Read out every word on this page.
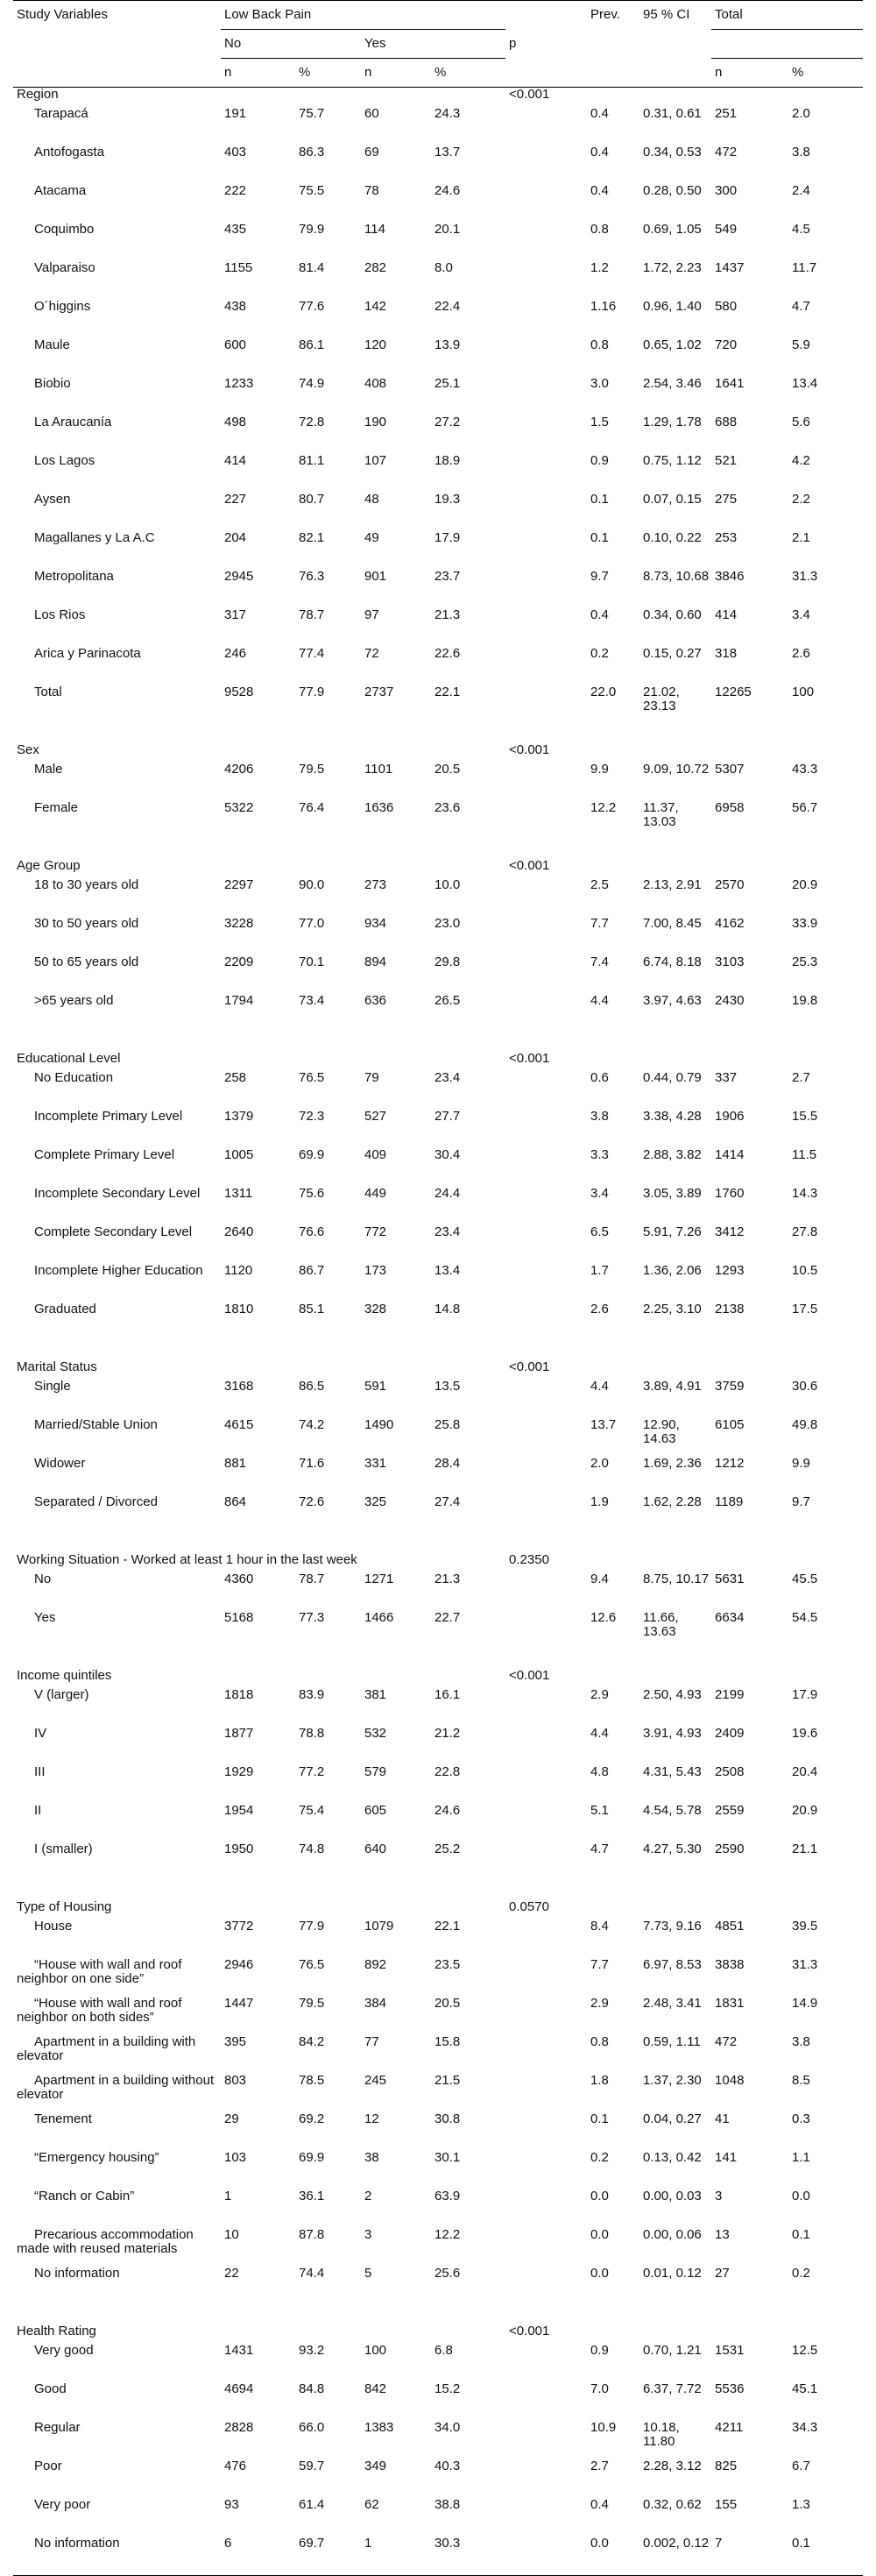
Study Variables	Low Back Pain					Prev.	95 % CI	Total	
	No		Yes		p				
	n	%	n	%				n	%
Region					<0.001				
Tarapacá	191	75.7	60	24.3		0.4	0.31, 0.61	251	2.0
Antofogasta	403	86.3	69	13.7		0.4	0.34, 0.53	472	3.8
Atacama	222	75.5	78	24.6		0.4	0.28, 0.50	300	2.4
Coquimbo	435	79.9	114	20.1		0.8	0.69, 1.05	549	4.5
Valparaiso	1155	81.4	282	8.0		1.2	1.72, 2.23	1437	11.7
O´higgins	438	77.6	142	22.4		1.16	0.96, 1.40	580	4.7
Maule	600	86.1	120	13.9		0.8	0.65, 1.02	720	5.9
Biobio	1233	74.9	408	25.1		3.0	2.54, 3.46	1641	13.4
La Araucanía	498	72.8	190	27.2		1.5	1.29, 1.78	688	5.6
Los Lagos	414	81.1	107	18.9		0.9	0.75, 1.12	521	4.2
Aysen	227	80.7	48	19.3		0.1	0.07, 0.15	275	2.2
Magallanes y La A.C	204	82.1	49	17.9		0.1	0.10, 0.22	253	2.1
Metropolitana	2945	76.3	901	23.7		9.7	8.73, 10.68	3846	31.3
Los Rios	317	78.7	97	21.3		0.4	0.34, 0.60	414	3.4
Arica y Parinacota	246	77.4	72	22.6		0.2	0.15, 0.27	318	2.6
Total	9528	77.9	2737	22.1		22.0	21.02, 23.13	12265	100

Sex					<0.001				
Male	4206	79.5	1101	20.5		9.9	9.09, 10.72	5307	43.3
Female	5322	76.4	1636	23.6		12.2	11.37, 13.03	6958	56.7

Age Group					<0.001				
18 to 30 years old	2297	90.0	273	10.0		2.5	2.13, 2.91	2570	20.9
30 to 50 years old	3228	77.0	934	23.0		7.7	7.00, 8.45	4162	33.9
50 to 65 years old	2209	70.1	894	29.8		7.4	6.74, 8.18	3103	25.3
>65 years old	1794	73.4	636	26.5		4.4	3.97, 4.63	2430	19.8

Educational Level					<0.001				
No Education	258	76.5	79	23.4		0.6	0.44, 0.79	337	2.7
Incomplete Primary Level	1379	72.3	527	27.7		3.8	3.38, 4.28	1906	15.5
Complete Primary Level	1005	69.9	409	30.4		3.3	2.88, 3.82	1414	11.5
Incomplete Secondary Level	1311	75.6	449	24.4		3.4	3.05, 3.89	1760	14.3
Complete Secondary Level	2640	76.6	772	23.4		6.5	5.91, 7.26	3412	27.8
Incomplete Higher Education	1120	86.7	173	13.4		1.7	1.36, 2.06	1293	10.5
Graduated	1810	85.1	328	14.8		2.6	2.25, 3.10	2138	17.5

Marital Status					<0.001				
Single	3168	86.5	591	13.5		4.4	3.89, 4.91	3759	30.6
Married/Stable Union	4615	74.2	1490	25.8		13.7	12.90, 14.63	6105	49.8
Widower	881	71.6	331	28.4		2.0	1.69, 2.36	1212	9.9
Separated / Divorced	864	72.6	325	27.4		1.9	1.62, 2.28	1189	9.7

Working Situation - Worked at least 1 hour in the last week					0.2350				
No	4360	78.7	1271	21.3		9.4	8.75, 10.17	5631	45.5
Yes	5168	77.3	1466	22.7		12.6	11.66, 13.63	6634	54.5

Income quintiles					<0.001				
V (larger)	1818	83.9	381	16.1		2.9	2.50, 4.93	2199	17.9
IV	1877	78.8	532	21.2		4.4	3.91, 4.93	2409	19.6
III	1929	77.2	579	22.8		4.8	4.31, 5.43	2508	20.4
II	1954	75.4	605	24.6		5.1	4.54, 5.78	2559	20.9
I (smaller)	1950	74.8	640	25.2		4.7	4.27, 5.30	2590	21.1

Type of Housing					0.0570				
House	3772	77.9	1079	22.1		8.4	7.73, 9.16	4851	39.5
“House with wall and roof neighbor on one side”	2946	76.5	892	23.5		7.7	6.97, 8.53	3838	31.3
“House with wall and roof neighbor on both sides”	1447	79.5	384	20.5		2.9	2.48, 3.41	1831	14.9
Apartment in a building with elevator	395	84.2	77	15.8		0.8	0.59, 1.11	472	3.8
Apartment in a building without elevator	803	78.5	245	21.5		1.8	1.37, 2.30	1048	8.5
Tenement	29	69.2	12	30.8		0.1	0.04, 0.27	41	0.3
“Emergency housing”	103	69.9	38	30.1		0.2	0.13, 0.42	141	1.1
“Ranch or Cabin”	1	36.1	2	63.9		0.0	0.00, 0.03	3	0.0
Precarious accommodation made with reused materials	10	87.8	3	12.2		0.0	0.00, 0.06	13	0.1
No information	22	74.4	5	25.6		0.0	0.01, 0.12	27	0.2

Health Rating					<0.001				
Very good	1431	93.2	100	6.8		0.9	0.70, 1.21	1531	12.5
Good	4694	84.8	842	15.2		7.0	6.37, 7.72	5536	45.1
Regular	2828	66.0	1383	34.0		10.9	10.18, 11.80	4211	34.3
Poor	476	59.7	349	40.3		2.7	2.28, 3.12	825	6.7
Very poor	93	61.4	62	38.8		0.4	0.32, 0.62	155	1.3
No information	6	69.7	1	30.3		0.0	0.002, 0.12	7	0.1
